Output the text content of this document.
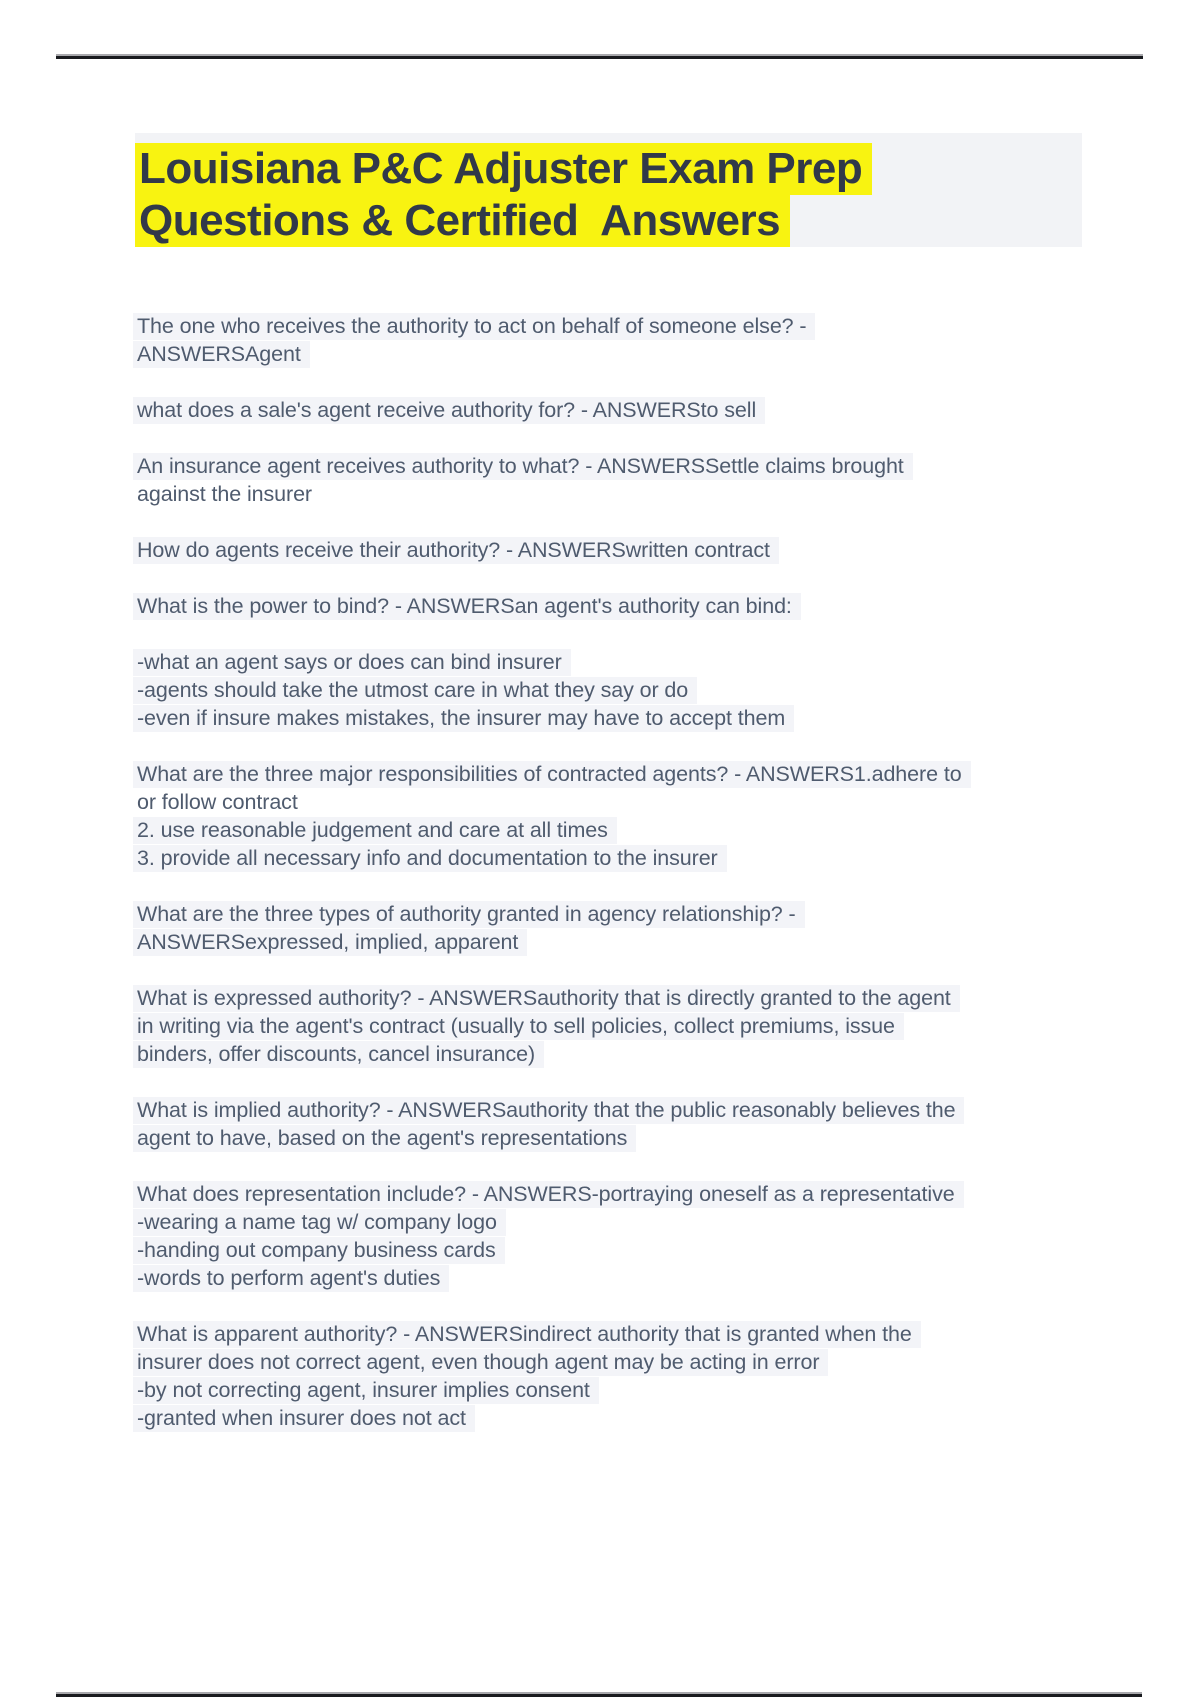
Louisiana P&C Adjuster Exam Prep
Questions & Certified  Answers

The one who receives the authority to act on behalf of someone else? -
ANSWERSAgent

what does a sale's agent receive authority for? - ANSWERSto sell

An insurance agent receives authority to what? - ANSWERSSettle claims brought
against the insurer

How do agents receive their authority? - ANSWERSwritten contract

What is the power to bind? - ANSWERSan agent's authority can bind:

-what an agent says or does can bind insurer
-agents should take the utmost care in what they say or do
-even if insure makes mistakes, the insurer may have to accept them

What are the three major responsibilities of contracted agents? - ANSWERS1.adhere to
or follow contract
2. use reasonable judgement and care at all times
3. provide all necessary info and documentation to the insurer

What are the three types of authority granted in agency relationship? -
ANSWERSexpressed, implied, apparent

What is expressed authority? - ANSWERSauthority that is directly granted to the agent
in writing via the agent's contract (usually to sell policies, collect premiums, issue
binders, offer discounts, cancel insurance)

What is implied authority? - ANSWERSauthority that the public reasonably believes the
agent to have, based on the agent's representations

What does representation include? - ANSWERS-portraying oneself as a representative
-wearing a name tag w/ company logo
-handing out company business cards
-words to perform agent's duties

What is apparent authority? - ANSWERSindirect authority that is granted when the
insurer does not correct agent, even though agent may be acting in error
-by not correcting agent, insurer implies consent
-granted when insurer does not act
